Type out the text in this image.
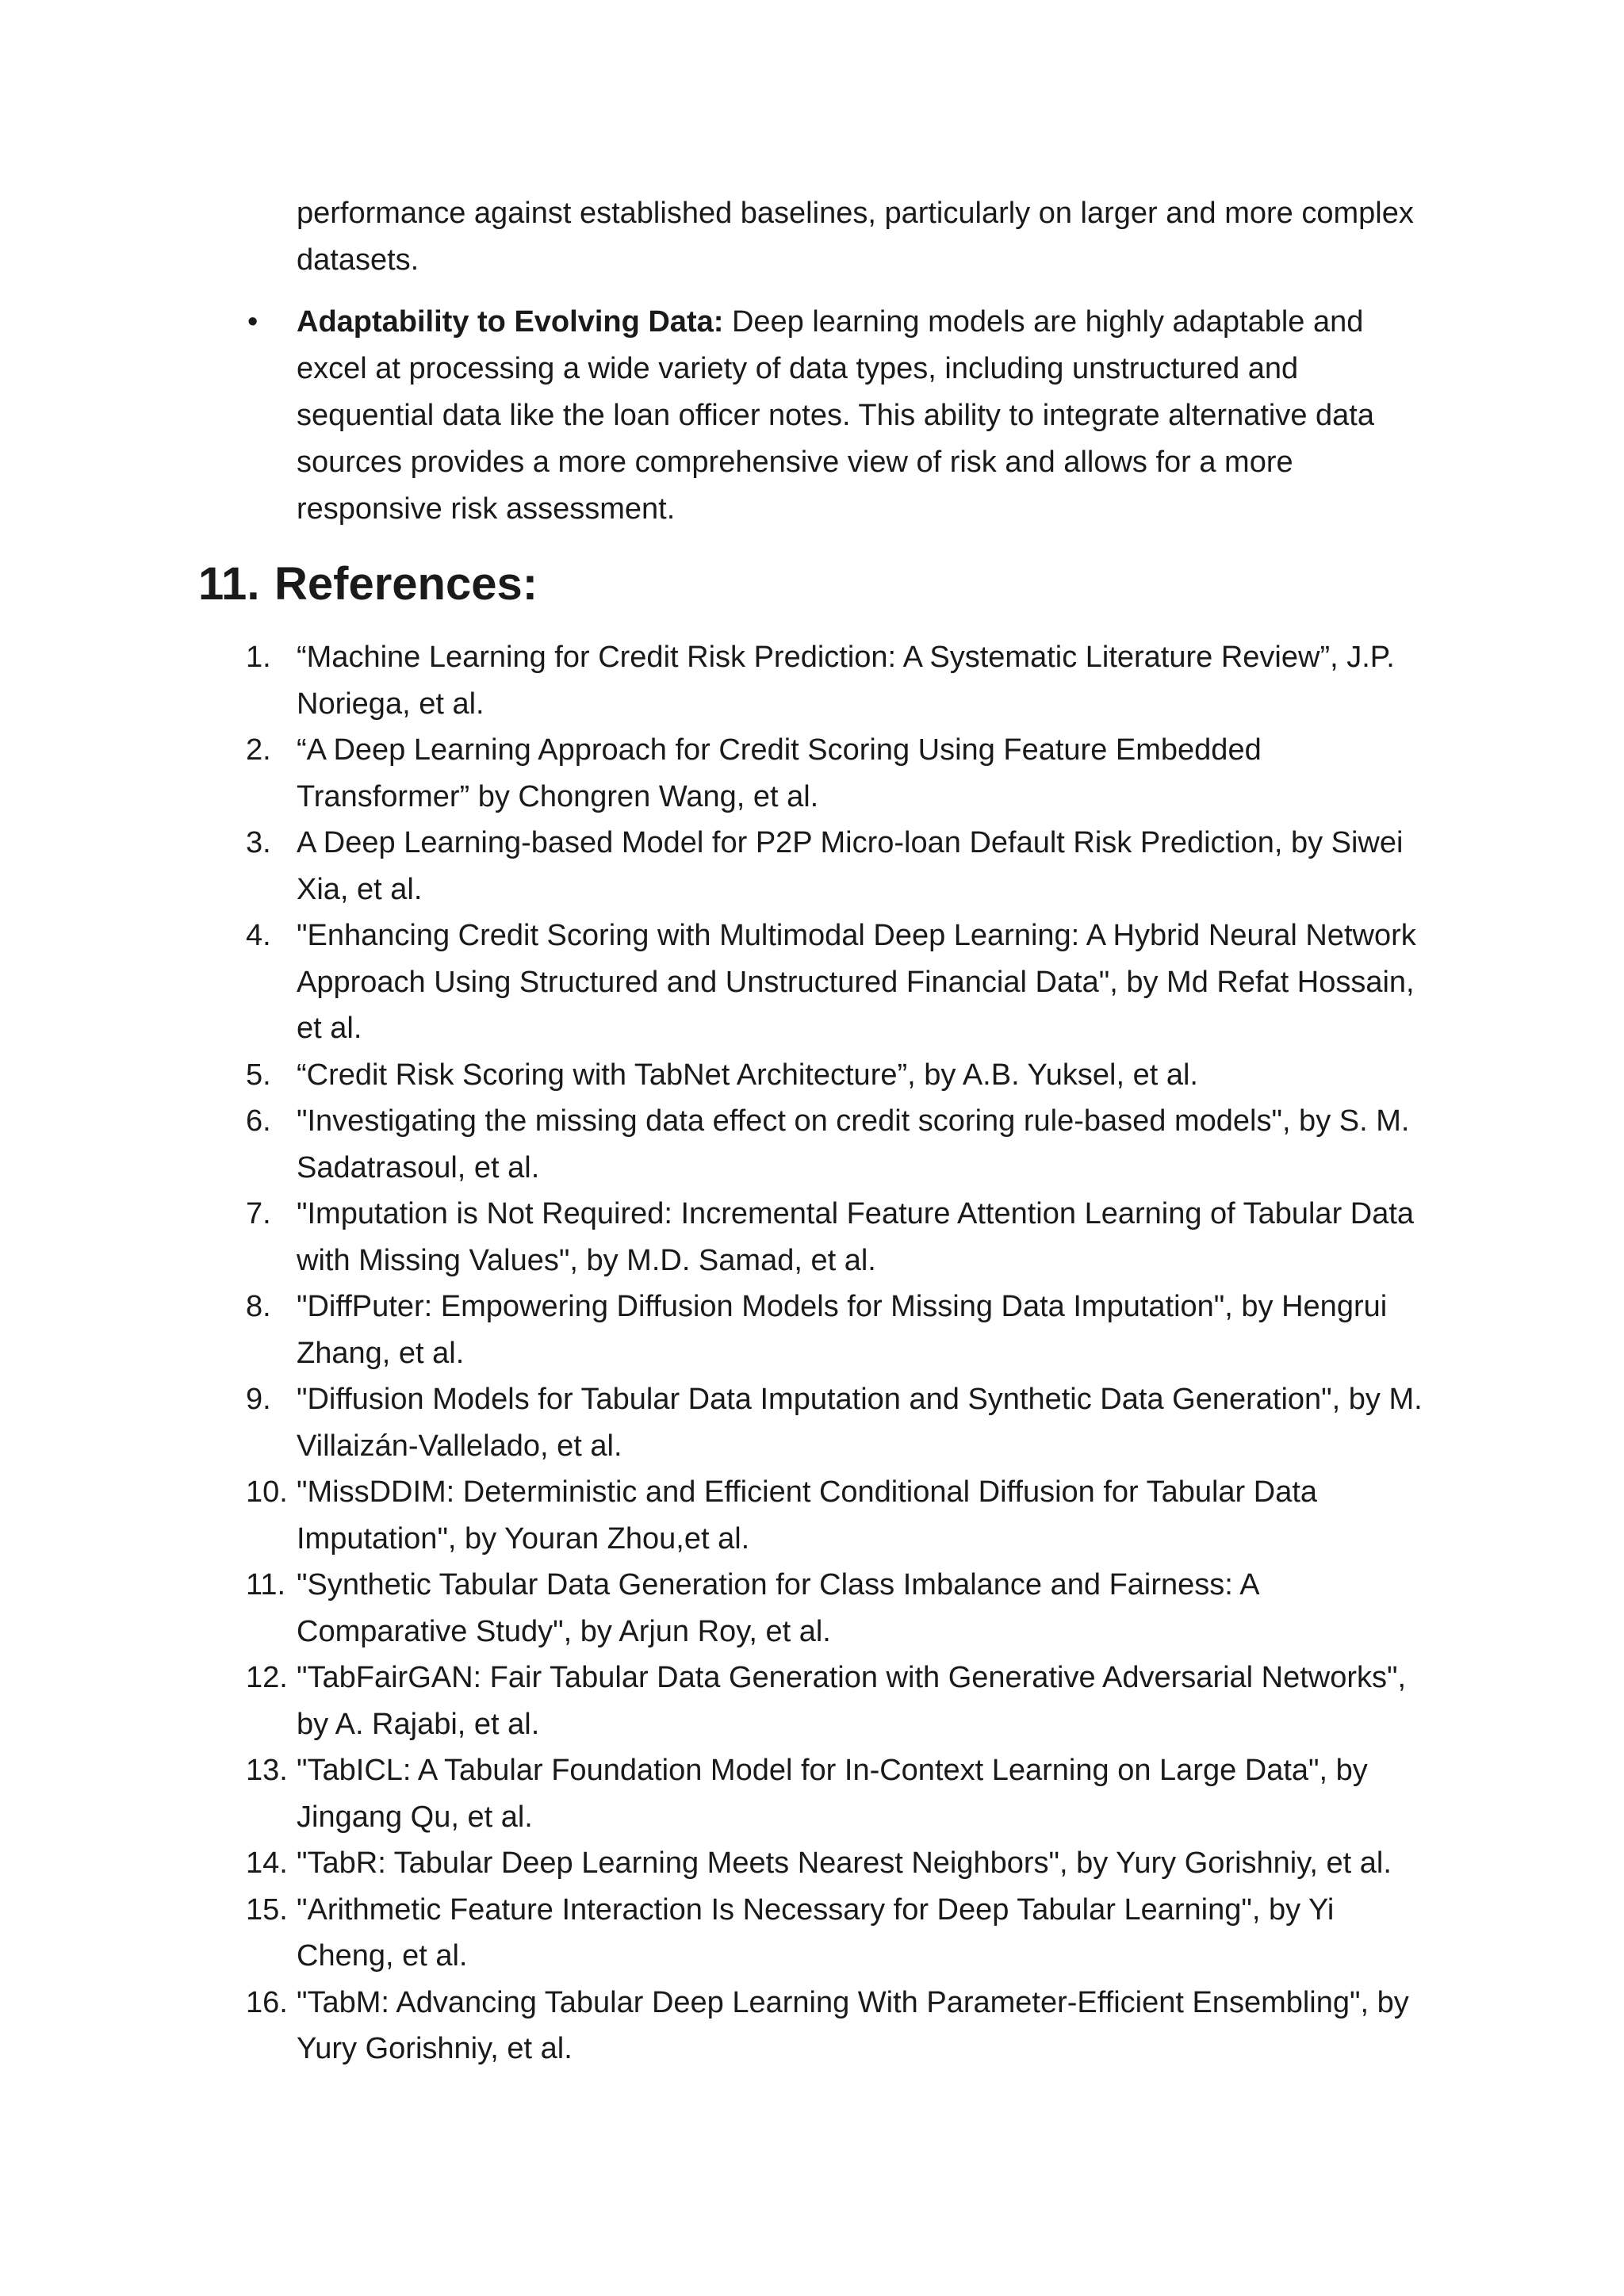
performance against established baselines, particularly on larger and more complex datasets.

• Adaptability to Evolving Data: Deep learning models are highly adaptable and excel at processing a wide variety of data types, including unstructured and sequential data like the loan officer notes. This ability to integrate alternative data sources provides a more comprehensive view of risk and allows for a more responsive risk assessment.
11. References:
1. “Machine Learning for Credit Risk Prediction: A Systematic Literature Review”, J.P. Noriega, et al.
2. “A Deep Learning Approach for Credit Scoring Using Feature Embedded Transformer” by Chongren Wang, et al.
3. A Deep Learning-based Model for P2P Micro-loan Default Risk Prediction, by Siwei Xia, et al.
4. "Enhancing Credit Scoring with Multimodal Deep Learning: A Hybrid Neural Network Approach Using Structured and Unstructured Financial Data", by Md Refat Hossain, et al.
5. “Credit Risk Scoring with TabNet Architecture”, by A.B. Yuksel, et al.
6. "Investigating the missing data effect on credit scoring rule-based models", by S. M. Sadatrasoul, et al.
7. "Imputation is Not Required: Incremental Feature Attention Learning of Tabular Data with Missing Values", by M.D. Samad, et al.
8. "DiffPuter: Empowering Diffusion Models for Missing Data Imputation", by Hengrui Zhang, et al.
9. "Diffusion Models for Tabular Data Imputation and Synthetic Data Generation", by M. Villaizán-Vallelado, et al.
10. "MissDDIM: Deterministic and Efficient Conditional Diffusion for Tabular Data Imputation", by Youran Zhou,et al.
11. "Synthetic Tabular Data Generation for Class Imbalance and Fairness: A Comparative Study", by Arjun Roy, et al.
12. "TabFairGAN: Fair Tabular Data Generation with Generative Adversarial Networks", by A. Rajabi, et al.
13. "TabICL: A Tabular Foundation Model for In-Context Learning on Large Data", by Jingang Qu, et al.
14. "TabR: Tabular Deep Learning Meets Nearest Neighbors", by Yury Gorishniy, et al.
15. "Arithmetic Feature Interaction Is Necessary for Deep Tabular Learning", by Yi Cheng, et al.
16. "TabM: Advancing Tabular Deep Learning With Parameter-Efficient Ensembling", by Yury Gorishniy, et al.
